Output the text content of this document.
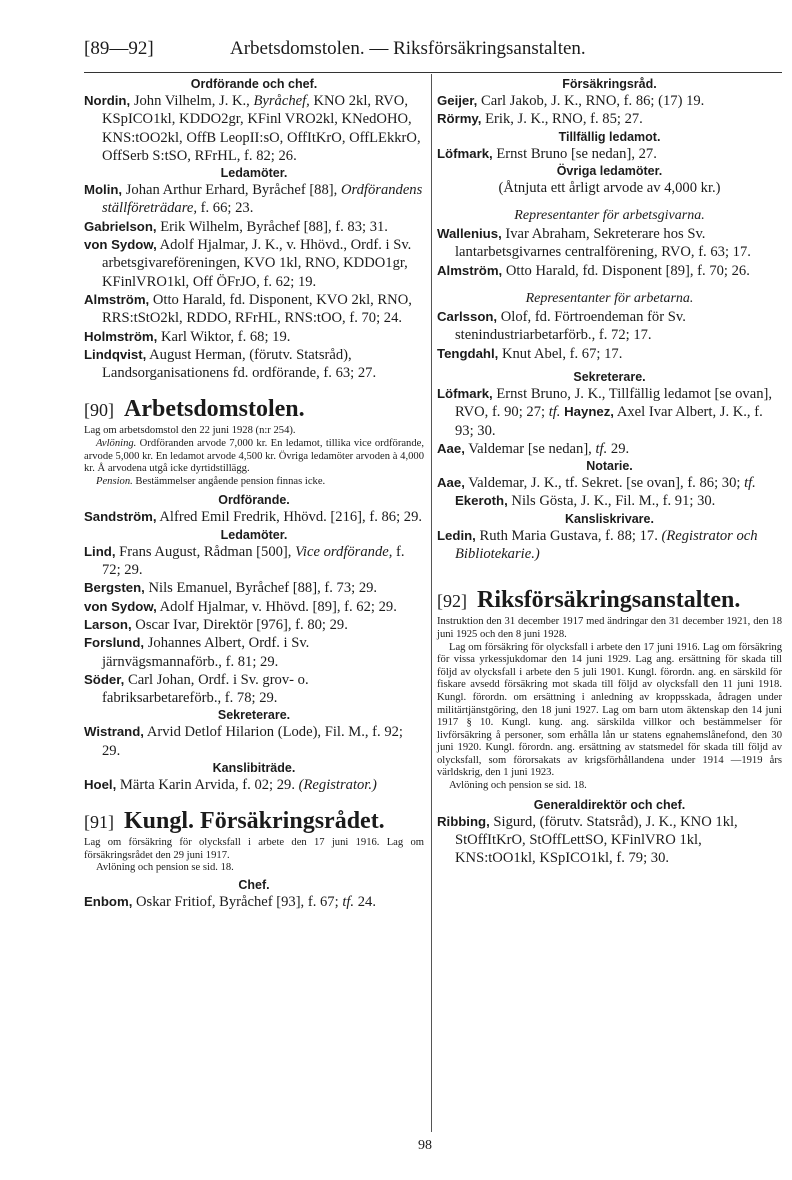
[89—92]	Arbetsdomstolen. — Riksförsäkringsanstalten.

Ordförande och chef.

Nordin, John Vilhelm, J. K., Byråchef, KNO 2kl, RVO, KSpICO1kl, KDDO2gr, KFinl VRO2kl, KNedOHO, KNS:tOO2kl, OffB LeopII:sO, OffItKrO, OffLEkkrO, OffSerb S:tSO, RFrHL, f. 82; 26.

Ledamöter.

Molin, Johan Arthur Erhard, Byråchef [88], Ordförandens ställföreträdare, f. 66; 23.

Gabrielson, Erik Wilhelm, Byråchef [88], f. 83; 31.

von Sydow, Adolf Hjalmar, J. K., v. Hhövd., Ordf. i Sv. arbetsgivareföreningen, KVO 1kl, RNO, KDDO1gr, KFinlVRO1kl, Off ÖFrJO, f. 62; 19.

Almström, Otto Harald, fd. Disponent, KVO 2kl, RNO, RRS:tStO2kl, RDDO, RFrHL, RNS:tOO, f. 70; 24.

Holmström, Karl Wiktor, f. 68; 19.

Lindqvist, August Herman, (förutv. Statsråd), Landsorganisationens fd. ordförande, f. 63; 27.

[90] Arbetsdomstolen.

Lag om arbetsdomstol den 22 juni 1928 (n:r 254).

Avlöning. Ordföranden arvode 7,000 kr. En ledamot, tillika vice ordförande, arvode 5,000 kr. En ledamot arvode 4,500 kr. Övriga ledamöter arvoden à 4,000 kr. Å arvodena utgå icke dyrtidstillägg.

Pension. Bestämmelser angående pension finnas icke.

Ordförande.

Sandström, Alfred Emil Fredrik, Hhövd. [216], f. 86; 29.

Ledamöter.

Lind, Frans August, Rådman [500], Vice ordförande, f. 72; 29.

Bergsten, Nils Emanuel, Byråchef [88], f. 73; 29.

von Sydow, Adolf Hjalmar, v. Hhövd. [89], f. 62; 29.

Larson, Oscar Ivar, Direktör [976], f. 80; 29.

Forslund, Johannes Albert, Ordf. i Sv. järnvägsmannaförb., f. 81; 29.

Söder, Carl Johan, Ordf. i Sv. grov- o. fabriksarbetareförb., f. 78; 29.

Sekreterare.

Wistrand, Arvid Detlof Hilarion (Lode), Fil. M., f. 92; 29.

Kanslibiträde.

Hoel, Märta Karin Arvida, f. 02; 29. (Registrator.)

[91] Kungl. Försäkringsrådet.

Lag om försäkring för olycksfall i arbete den 17 juni 1916. Lag om försäkringsrådet den 29 juni 1917.

Avlöning och pension se sid. 18.

Chef.

Enbom, Oskar Fritiof, Byråchef [93], f. 67; tf. 24.

Försäkringsråd.

Geijer, Carl Jakob, J. K., RNO, f. 86; (17) 19.

Rörmy, Erik, J. K., RNO, f. 85; 27.

Tillfällig ledamot.

Löfmark, Ernst Bruno [se nedan], 27.

Övriga ledamöter.

(Åtnjuta ett årligt arvode av 4,000 kr.)

Representanter för arbetsgivarna.

Wallenius, Ivar Abraham, Sekreterare hos Sv. lantarbetsgivarnes centralförening, RVO, f. 63; 17.

Almström, Otto Harald, fd. Disponent [89], f. 70; 26.

Representanter för arbetarna.

Carlsson, Olof, fd. Förtroendeman för Sv. stenindustriarbetarförb., f. 72; 17.

Tengdahl, Knut Abel, f. 67; 17.

Sekreterare.

Löfmark, Ernst Bruno, J. K., Tillfällig ledamot [se ovan], RVO, f. 90; 27; tf. Haynez, Axel Ivar Albert, J. K., f. 93; 30.

Aae, Valdemar [se nedan], tf. 29.

Notarie.

Aae, Valdemar, J. K., tf. Sekret. [se ovan], f. 86; 30; tf. Ekeroth, Nils Gösta, J. K., Fil. M., f. 91; 30.

Kansliskrivare.

Ledin, Ruth Maria Gustava, f. 88; 17. (Registrator och Bibliotekarie.)

[92] Riksförsäkringsanstalten.

Instruktion den 31 december 1917 med ändringar den 31 december 1921, den 18 juni 1925 och den 8 juni 1928.

Lag om försäkring för olycksfall i arbete den 17 juni 1916. Lag om försäkring för vissa yrkessjukdomar den 14 juni 1929. Lag ang. ersättning för skada till följd av olycksfall i arbete den 5 juli 1901. Kungl. förordn. ang. en särskild för fiskare avsedd försäkring mot skada till följd av olycksfall den 11 juni 1918. Kungl. förordn. om ersättning i anledning av kroppsskada, ådragen under militärtjänstgöring, den 18 juni 1927. Lag om barn utom äktenskap den 14 juni 1917 § 10. Kungl. kung. ang. särskilda villkor och bestämmelser för livförsäkring å personer, som erhålla lån ur statens egnahemslånefond, den 30 juni 1920. Kungl. förordn. ang. ersättning av statsmedel för skada till följd av olycksfall, som förorsakats av krigsförhållandena under 1914 —1919 års världskrig, den 1 juni 1923.

Avlöning och pension se sid. 18.

Generaldirektör och chef.

Ribbing, Sigurd, (förutv. Statsråd), J. K., KNO 1kl, StOffItKrO, StOffLettSO, KFinlVRO 1kl, KNS:tOO1kl, KSpICO1kl, f. 79; 30.

98
